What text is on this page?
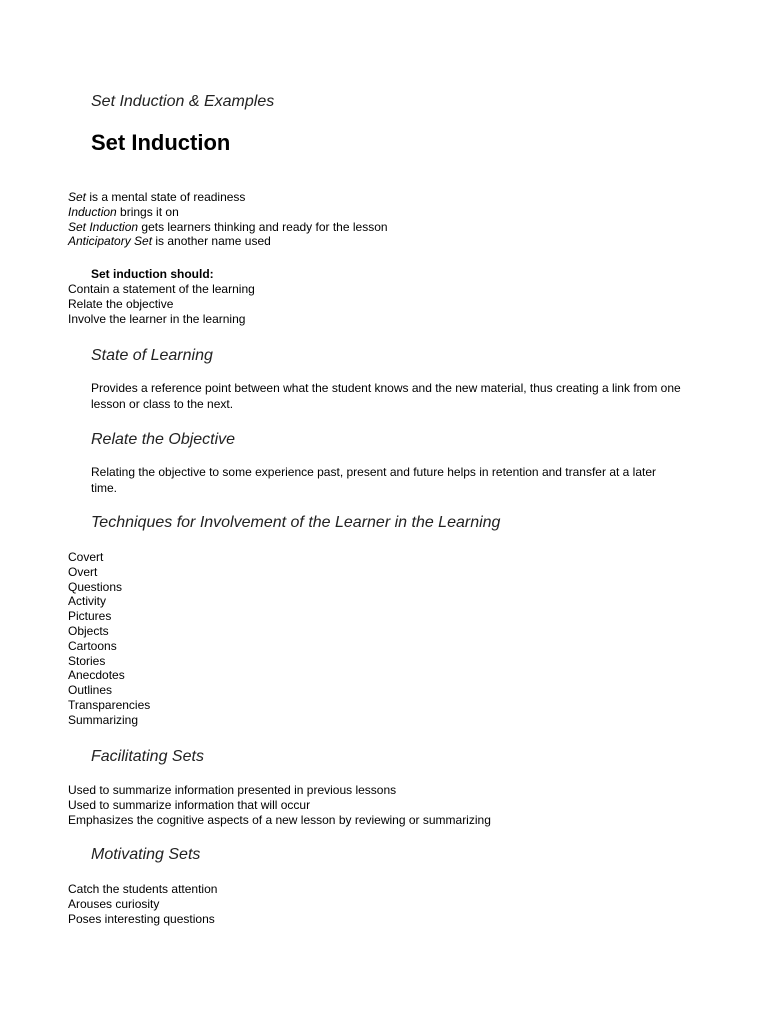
Set Induction & Examples
Set Induction
Set is a mental state of readiness
Induction brings it on
Set Induction gets learners thinking and ready for the lesson
Anticipatory Set is another name used
Set induction should:
Contain a statement of the learning
Relate the objective
Involve the learner in the learning
State of Learning
Provides a reference point between what the student knows and the new material, thus creating a link from one lesson or class to the next.
Relate the Objective
Relating the objective to some experience past, present and future helps in retention and transfer at a later time.
Techniques for Involvement of the Learner in the Learning
Covert
Overt
Questions
Activity
Pictures
Objects
Cartoons
Stories
Anecdotes
Outlines
Transparencies
Summarizing
Facilitating Sets
Used to summarize information presented in previous lessons
Used to summarize information that will occur
Emphasizes the cognitive aspects of a new lesson by reviewing or summarizing
Motivating Sets
Catch the students attention
Arouses curiosity
Poses interesting questions
